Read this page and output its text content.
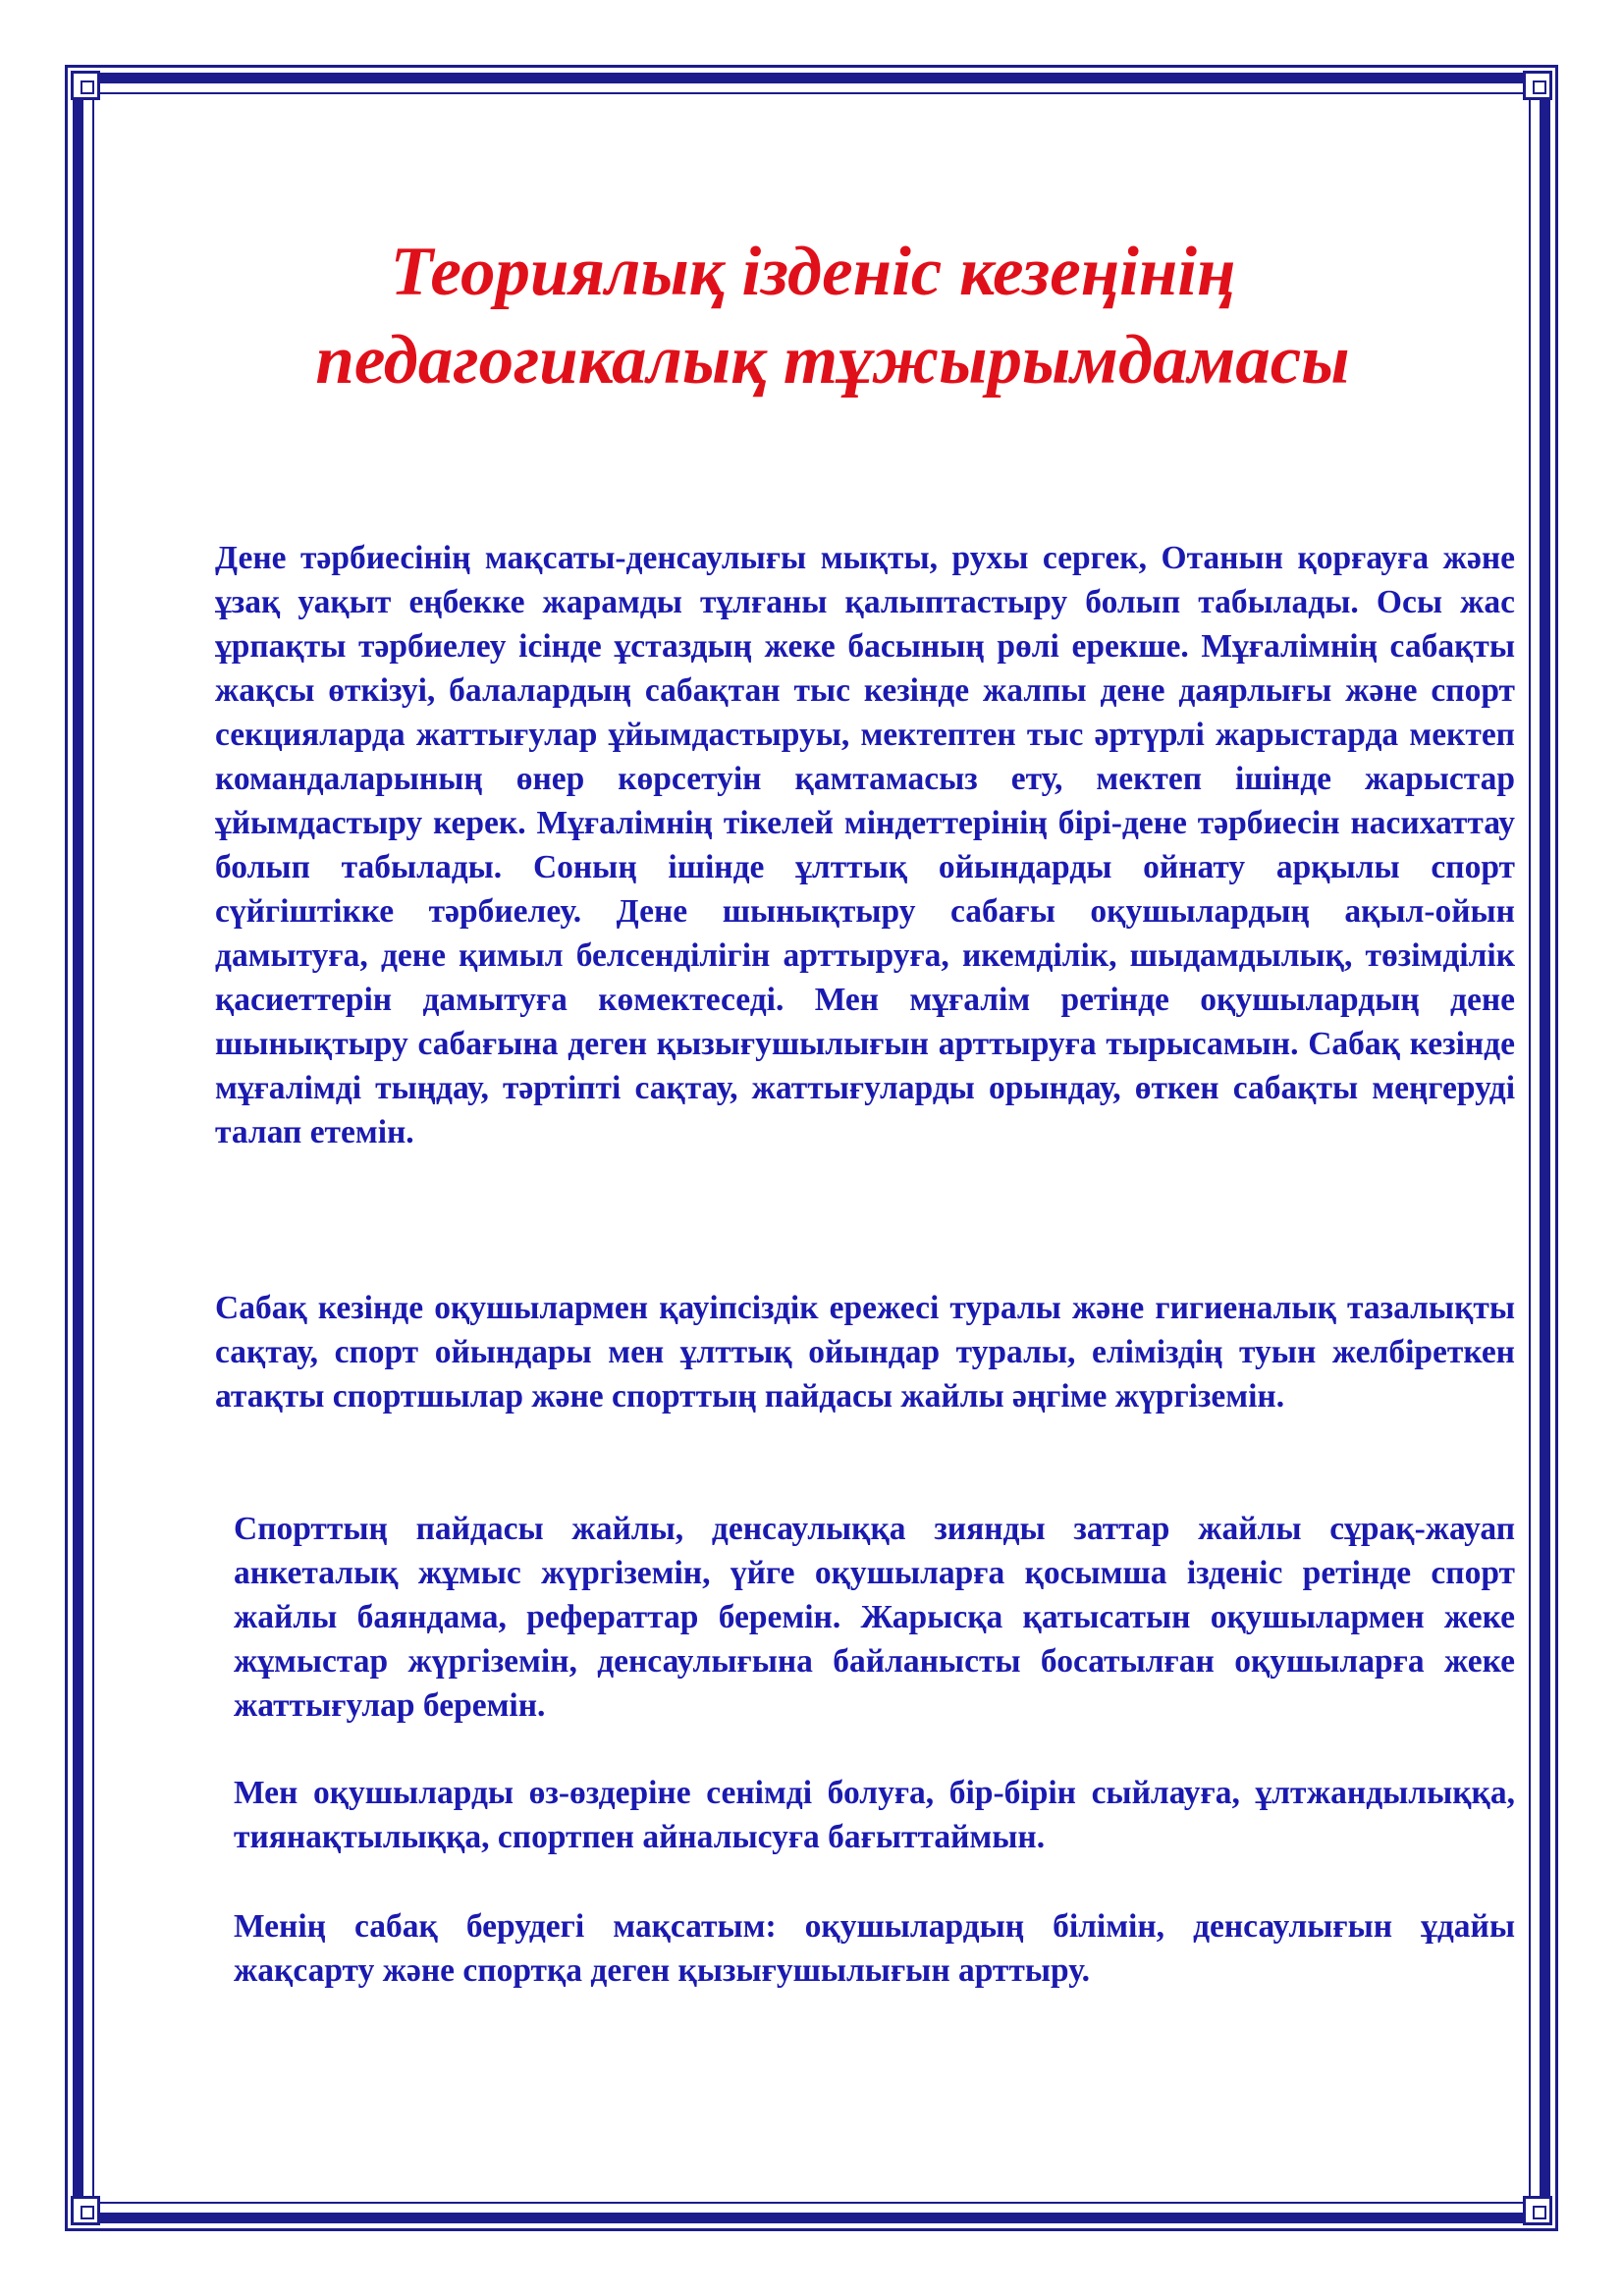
Теориялық ізденіс кезеңінің
педагогикалық тұжырымдамасы

Дене тәрбиесінің мақсаты-денсаулығы мықты, рухы сергек, Отанын қорғауға және ұзақ уақыт еңбекке жарамды тұлғаны қалыптастыру болып табылады. Осы жас ұрпақты тәрбиелеу ісінде ұстаздың жеке басының рөлі ерекше. Мұғалімнің сабақты жақсы өткізуі, балалардың сабақтан тыс кезінде жалпы дене даярлығы және спорт секцияларда жаттығулар ұйымдастыруы, мектептен тыс әртүрлі жарыстарда мектеп командаларының өнер көрсетуін қамтамасыз ету, мектеп ішінде жарыстар ұйымдастыру керек. Мұғалімнің тікелей міндеттерінің бірі-дене тәрбиесін насихаттау болып табылады. Соның ішінде ұлттық ойындарды ойнату арқылы спорт сүйгіштікке тәрбиелеу. Дене шынықтыру сабағы оқушылардың ақыл-ойын дамытуға, дене қимыл белсенділігін арттыруға, икемділік, шыдамдылық, төзімділік қасиеттерін дамытуға көмектеседі. Мен мұғалім ретінде оқушылардың дене шынықтыру сабағына деген қызығушылығын арттыруға тырысамын. Сабақ кезінде мұғалімді тыңдау, тәртіпті сақтау, жаттығуларды орындау, өткен сабақты меңгеруді талап етемін.

Сабақ кезінде оқушылармен қауіпсіздік ережесі туралы және гигиеналық тазалықты сақтау, спорт ойындары мен ұлттық ойындар туралы, еліміздің туын желбіреткен атақты спортшылар және спорттың пайдасы жайлы әңгіме жүргіземін.

Спорттың пайдасы жайлы, денсаулыққа зиянды заттар жайлы сұрақ-жауап анкеталық жұмыс жүргіземін, үйге оқушыларға қосымша ізденіс ретінде спорт жайлы баяндама, рефераттар беремін. Жарысқа қатысатын оқушылармен жеке жұмыстар жүргіземін, денсаулығына байланысты босатылған оқушыларға жеке жаттығулар беремін.

Мен оқушыларды өз-өздеріне сенімді болуға, бір-бірін сыйлауға, ұлтжандылыққа, тиянақтылыққа, спортпен айналысуға бағыттаймын.

Менің сабақ берудегі мақсатым: оқушылардың білімін, денсаулығын ұдайы жақсарту және спортқа деген қызығушылығын арттыру.
